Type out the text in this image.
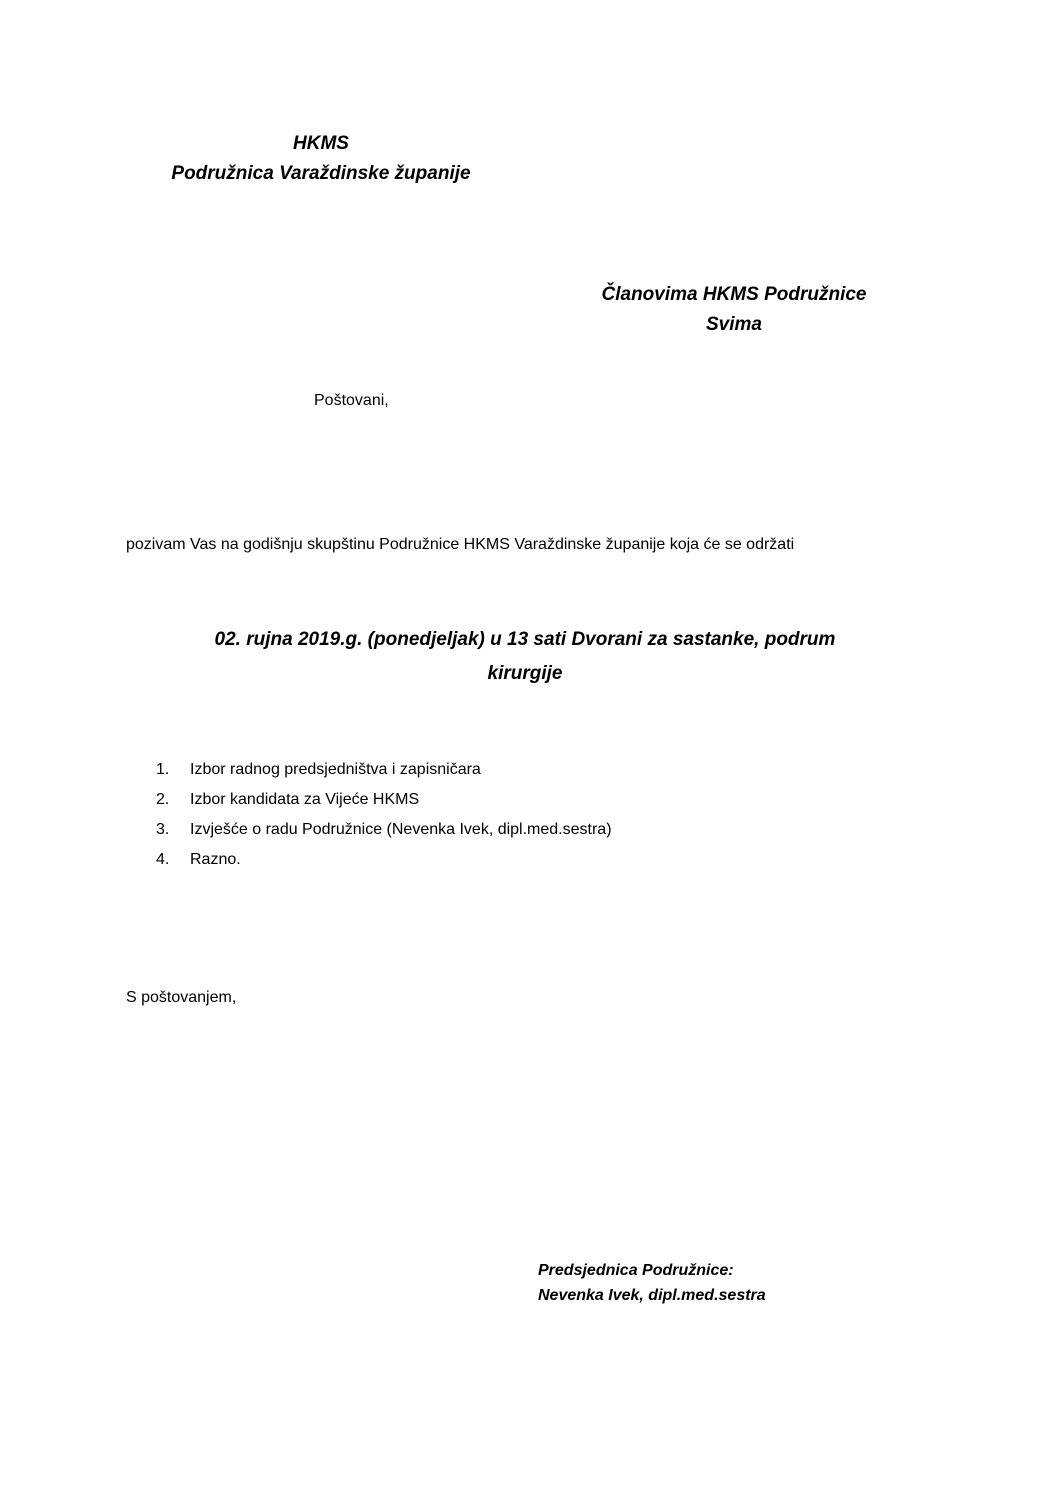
HKMS
Podružnica Varaždinske županije
Članovima HKMS Podružnice
Svima
Poštovani,
pozivam Vas na godišnju skupštinu Podružnice HKMS Varaždinske županije koja će se održati
02. rujna 2019.g. (ponedjeljak) u 13 sati Dvorani za sastanke, podrum
kirurgije
1. Izbor radnog predsjedništva i zapisničara
2. Izbor kandidata za Vijeće HKMS
3. Izvješće o radu Podružnice (Nevenka Ivek, dipl.med.sestra)
4. Razno.
S poštovanjem,
Predsjednica Podružnice:
Nevenka Ivek, dipl.med.sestra
